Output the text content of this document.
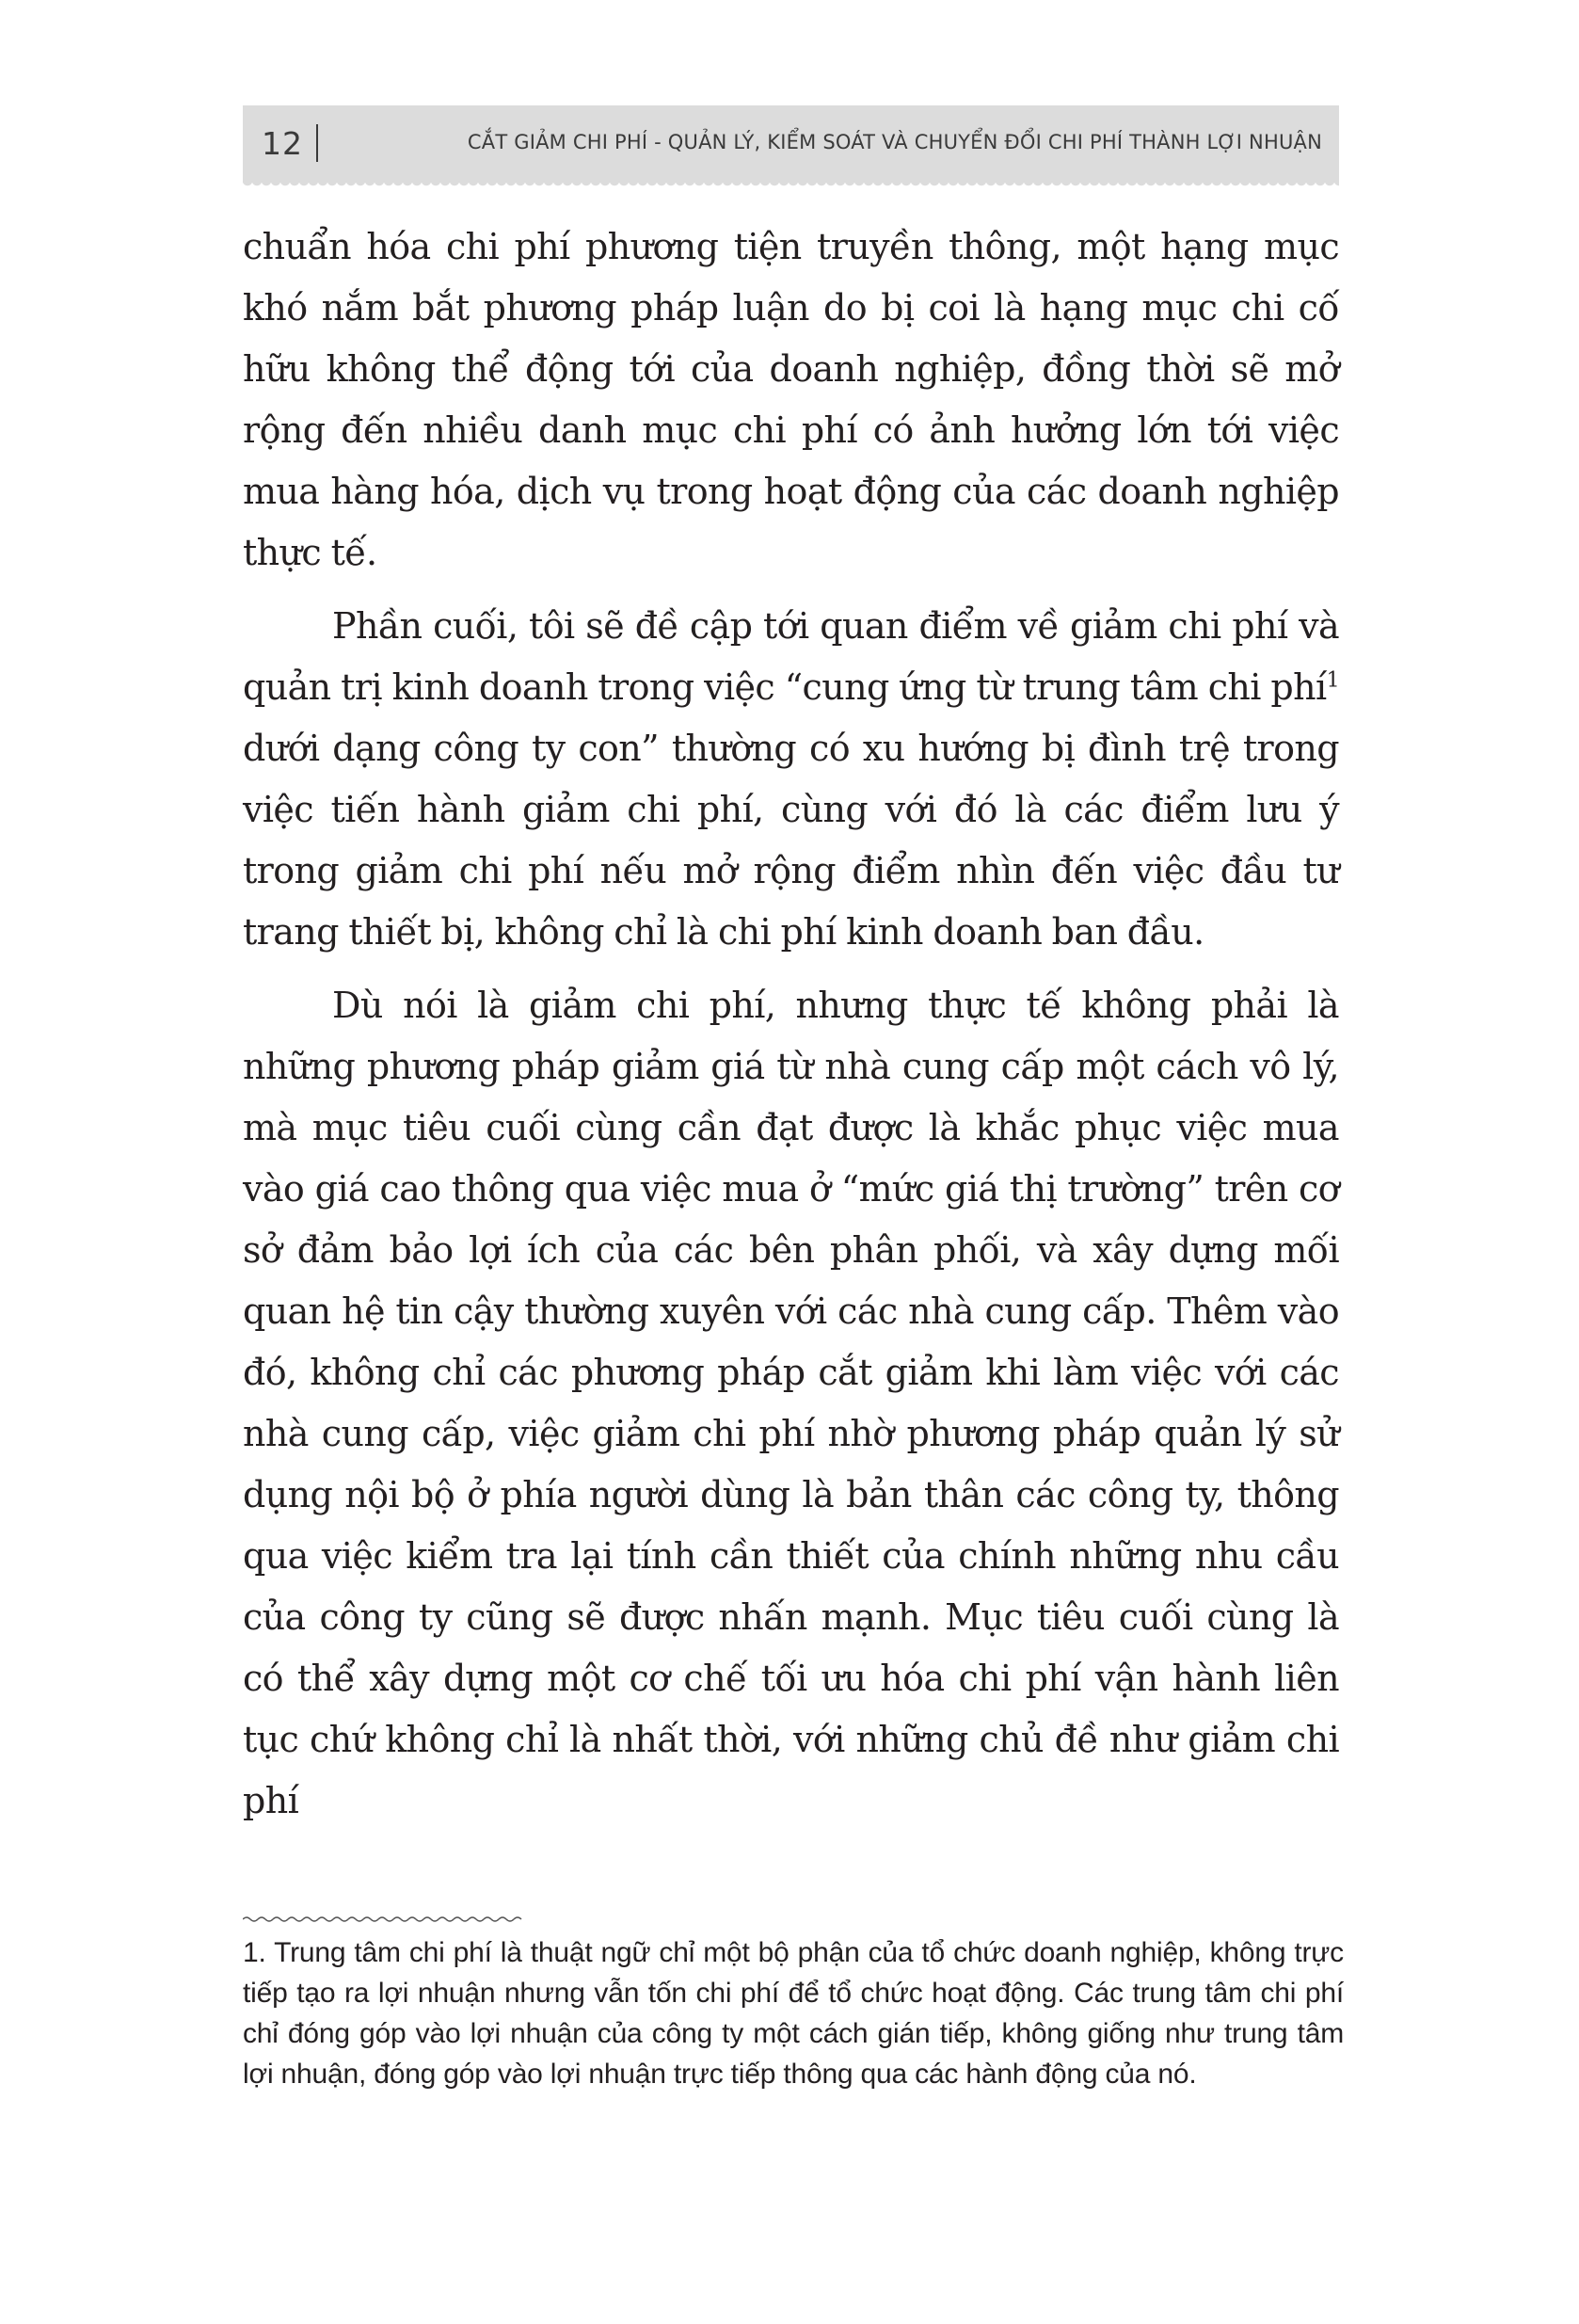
12	CẮT GIẢM CHI PHÍ - QUẢN LÝ, KIỂM SOÁT VÀ CHUYỂN ĐỔI CHI PHÍ THÀNH LỢI NHUẬN

chuẩn hóa chi phí phương tiện truyền thông, một hạng mục khó nắm bắt phương pháp luận do bị coi là hạng mục chi cố hữu không thể động tới của doanh nghiệp, đồng thời sẽ mở rộng đến nhiều danh mục chi phí có ảnh hưởng lớn tới việc mua hàng hóa, dịch vụ trong hoạt động của các doanh nghiệp thực tế.

Phần cuối, tôi sẽ đề cập tới quan điểm về giảm chi phí và quản trị kinh doanh trong việc “cung ứng từ trung tâm chi phí$^1$ dưới dạng công ty con” thường có xu hướng bị đình trệ trong việc tiến hành giảm chi phí, cùng với đó là các điểm lưu ý trong giảm chi phí nếu mở rộng điểm nhìn đến việc đầu tư trang thiết bị, không chỉ là chi phí kinh doanh ban đầu.

Dù nói là giảm chi phí, nhưng thực tế không phải là những phương pháp giảm giá từ nhà cung cấp một cách vô lý, mà mục tiêu cuối cùng cần đạt được là khắc phục việc mua vào giá cao thông qua việc mua ở “mức giá thị trường” trên cơ sở đảm bảo lợi ích của các bên phân phối, và xây dựng mối quan hệ tin cậy thường xuyên với các nhà cung cấp. Thêm vào đó, không chỉ các phương pháp cắt giảm khi làm việc với các nhà cung cấp, việc giảm chi phí nhờ phương pháp quản lý sử dụng nội bộ ở phía người dùng là bản thân các công ty, thông qua việc kiểm tra lại tính cần thiết của chính những nhu cầu của công ty cũng sẽ được nhấn mạnh. Mục tiêu cuối cùng là có thể xây dựng một cơ chế tối ưu hóa chi phí vận hành liên tục chứ không chỉ là nhất thời, với những chủ đề như giảm chi phí

1. Trung tâm chi phí là thuật ngữ chỉ một bộ phận của tổ chức doanh nghiệp, không trực tiếp tạo ra lợi nhuận nhưng vẫn tốn chi phí để tổ chức hoạt động. Các trung tâm chi phí chỉ đóng góp vào lợi nhuận của công ty một cách gián tiếp, không giống như trung tâm lợi nhuận, đóng góp vào lợi nhuận trực tiếp thông qua các hành động của nó.
